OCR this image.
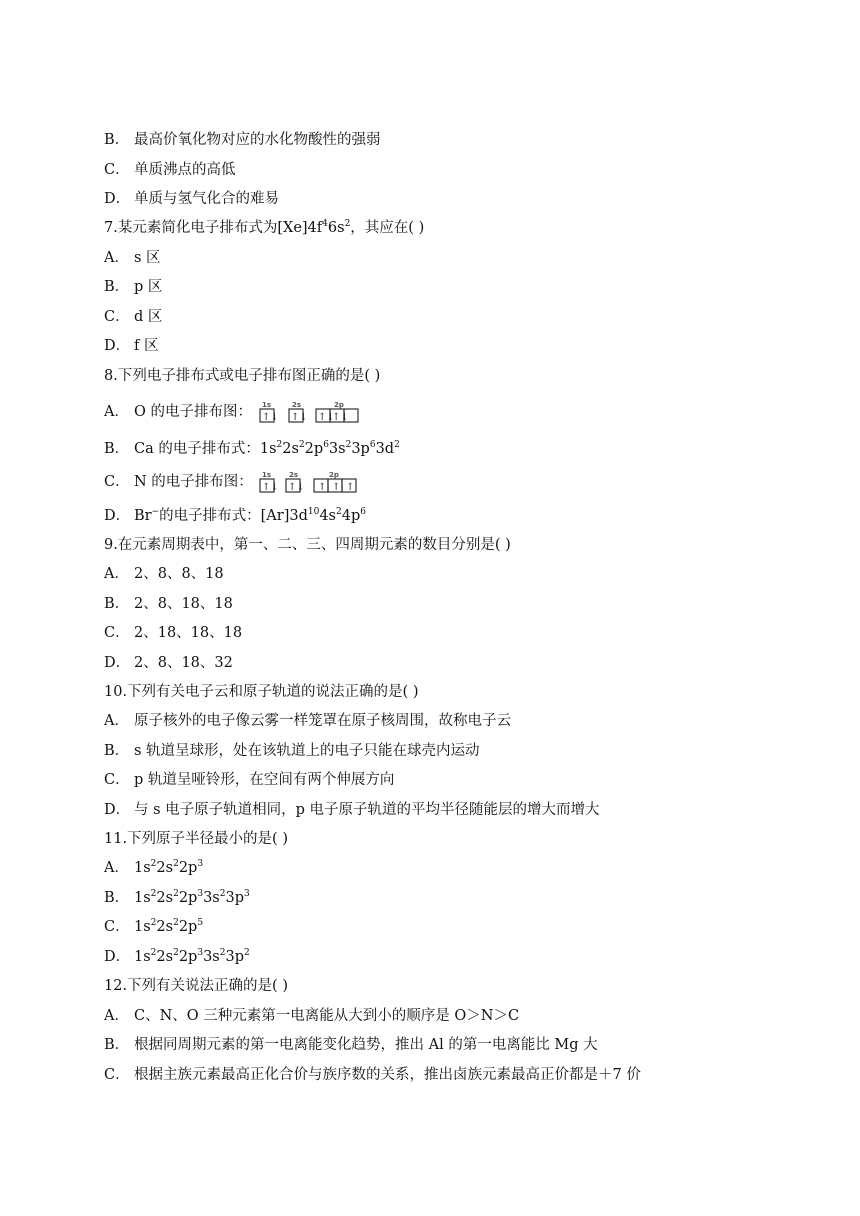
B． 最高价氧化物对应的水化物酸性的强弱
C． 单质沸点的高低
D． 单质与氢气化合的难易
7.某元素简化电子排布式为$[Xe]4f^46s^2$，其应在( )
A． s 区
B． p 区
C． d 区
D． f 区
8.下列电子排布式或电子排布图正确的是( )
A． O 的电子排布图： 1s	2s	2p
↑↓ ↑↓ ↑↓
↑↓
B． Ca 的电子排布式：$1s^22s^22p^63s^23p^63d^2$
C． N 的电子排布图： 1s	2s	2p
↑↓ ↑↓ ↑ ↑ ↑
D． Br−的电子排布式：$[Ar]3d^{10}4s^24p^6$
9.在元素周期表中，第一、二、三、四周期元素的数目分别是( )
A． 2、8、8、18
B． 2、8、18、18
C． 2、18、18、18
D． 2、8、18、32
10.下列有关电子云和原子轨道的说法正确的是( )
A． 原子核外的电子像云雾一样笼罩在原子核周围，故称电子云
B． s 轨道呈球形，处在该轨道上的电子只能在球壳内运动
C． p 轨道呈哑铃形，在空间有两个伸展方向
D． 与 s 电子原子轨道相同，p 电子原子轨道的平均半径随能层的增大而增大
11.下列原子半径最小的是( )
A． $1s^22s^22p^3$
B． $1s^22s^22p^33s^23p^3$
C． $1s^22s^22p^5$
D． $1s^22s^22p^33s^23p^2$
12.下列有关说法正确的是( )
A． C、N、O 三种元素第一电离能从大到小的顺序是 O＞N＞C
B． 根据同周期元素的第一电离能变化趋势，推出 Al 的第一电离能比 Mg 大
C． 根据主族元素最高正化合价与族序数的关系，推出卤族元素最高正价都是＋7 价
